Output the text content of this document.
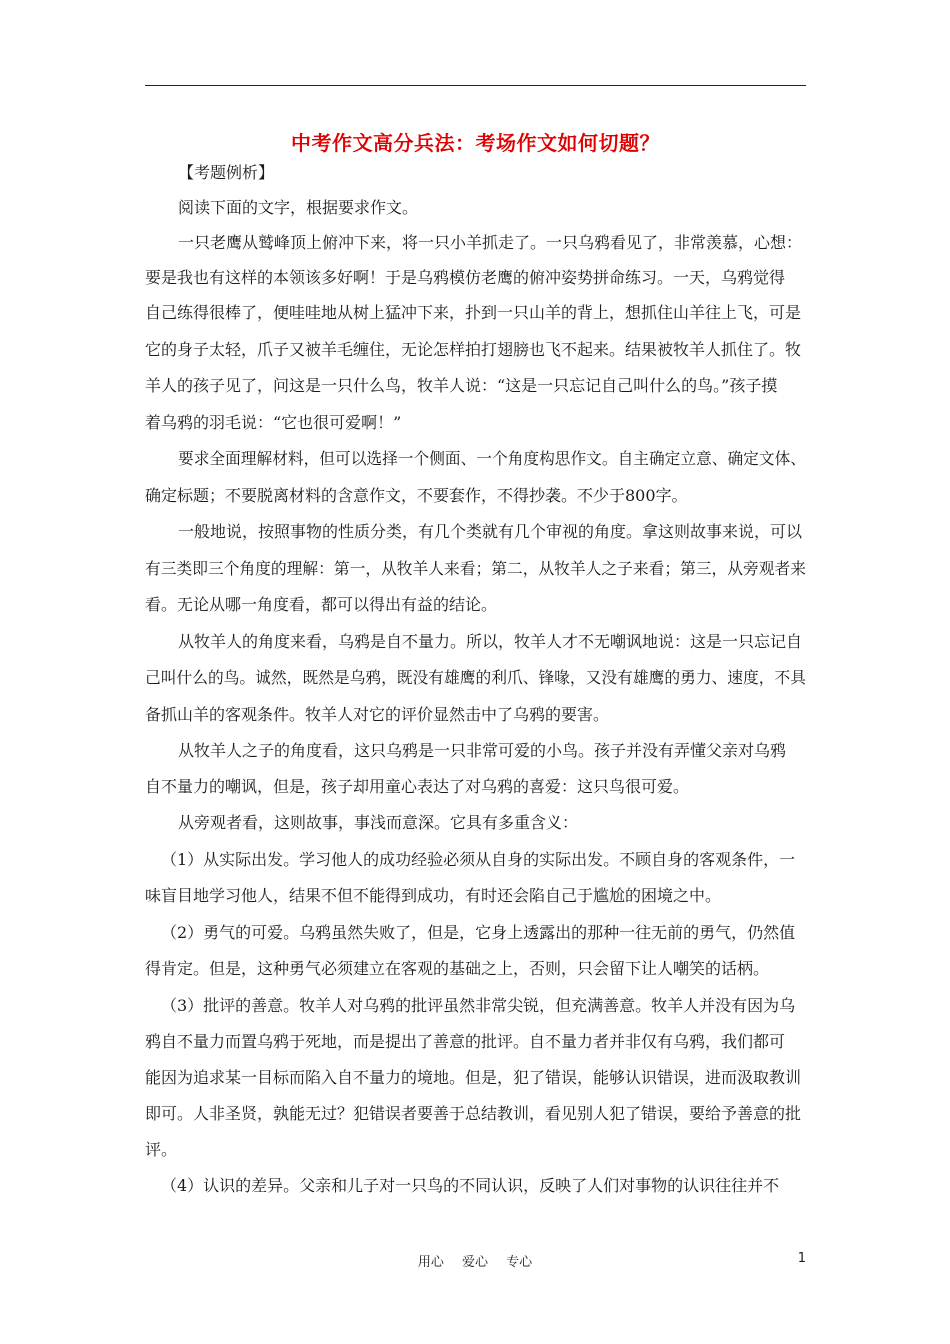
中考作文高分兵法：考场作文如何切题？
【考题例析】
阅读下面的文字，根据要求作文。
一只老鹰从鹫峰顶上俯冲下来，将一只小羊抓走了。一只乌鸦看见了，非常羡慕，心想：
要是我也有这样的本领该多好啊！于是乌鸦模仿老鹰的俯冲姿势拼命练习。一天，乌鸦觉得
自己练得很棒了，便哇哇地从树上猛冲下来，扑到一只山羊的背上，想抓住山羊往上飞，可是
它的身子太轻，爪子又被羊毛缠住，无论怎样拍打翅膀也飞不起来。结果被牧羊人抓住了。牧
羊人的孩子见了，问这是一只什么鸟，牧羊人说：“这是一只忘记自己叫什么的鸟。”孩子摸
着乌鸦的羽毛说：“它也很可爱啊！”
要求全面理解材料，但可以选择一个侧面、一个角度构思作文。自主确定立意、确定文体、
确定标题；不要脱离材料的含意作文，不要套作，不得抄袭。不少于800字。
一般地说，按照事物的性质分类，有几个类就有几个审视的角度。拿这则故事来说，可以
有三类即三个角度的理解：第一，从牧羊人来看；第二，从牧羊人之子来看；第三，从旁观者来
看。无论从哪一角度看，都可以得出有益的结论。
从牧羊人的角度来看，乌鸦是自不量力。所以，牧羊人才不无嘲讽地说：这是一只忘记自
己叫什么的鸟。诚然，既然是乌鸦，既没有雄鹰的利爪、锋喙，又没有雄鹰的勇力、速度，不具
备抓山羊的客观条件。牧羊人对它的评价显然击中了乌鸦的要害。
从牧羊人之子的角度看，这只乌鸦是一只非常可爱的小鸟。孩子并没有弄懂父亲对乌鸦
自不量力的嘲讽，但是，孩子却用童心表达了对乌鸦的喜爱：这只鸟很可爱。
从旁观者看，这则故事，事浅而意深。它具有多重含义：
（1）从实际出发。学习他人的成功经验必须从自身的实际出发。不顾自身的客观条件，一
味盲目地学习他人，结果不但不能得到成功，有时还会陷自己于尴尬的困境之中。
（2）勇气的可爱。乌鸦虽然失败了，但是，它身上透露出的那种一往无前的勇气，仍然值
得肯定。但是，这种勇气必须建立在客观的基础之上，否则，只会留下让人嘲笑的话柄。
（3）批评的善意。牧羊人对乌鸦的批评虽然非常尖锐，但充满善意。牧羊人并没有因为乌
鸦自不量力而置乌鸦于死地，而是提出了善意的批评。自不量力者并非仅有乌鸦，我们都可
能因为追求某一目标而陷入自不量力的境地。但是，犯了错误，能够认识错误，进而汲取教训
即可。人非圣贤，孰能无过？犯错误者要善于总结教训，看见别人犯了错误，要给予善意的批
评。
（4）认识的差异。父亲和儿子对一只鸟的不同认识，反映了人们对事物的认识往往并不
用心 爱心 专心	1
